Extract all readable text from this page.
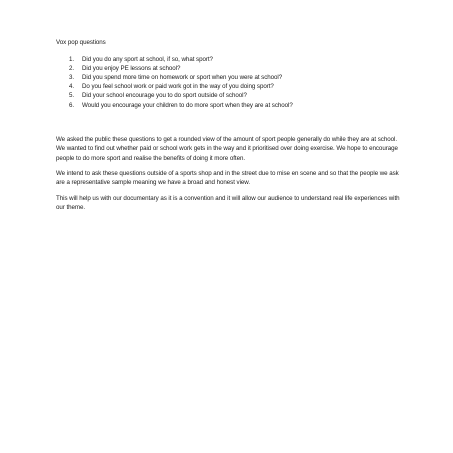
Vox pop questions
1.	Did you do any sport at school, if so, what sport?
2.	Did you enjoy PE lessons at school?
3.	Did you spend more time on homework or sport when you were at school?
4.	Do you feel school work or paid work got in the way of you doing sport?
5.	Did your school encourage you to do sport outside of school?
6.	Would you encourage your children to do more sport when they are at school?

We asked the public these questions to get a rounded view of the amount of sport people generally do while they are at school. We wanted to find out whether paid or school work gets in the way and it prioritised over doing exercise. We hope to encourage people to do more sport and realise the benefits of doing it more often.

We intend to ask these questions outside of a sports shop and in the street due to mise en scene and so that the people we ask are a representative sample meaning we have a broad and honest view.

This will help us with our documentary as it is a convention and it will allow our audience to understand real life experiences with our theme.
